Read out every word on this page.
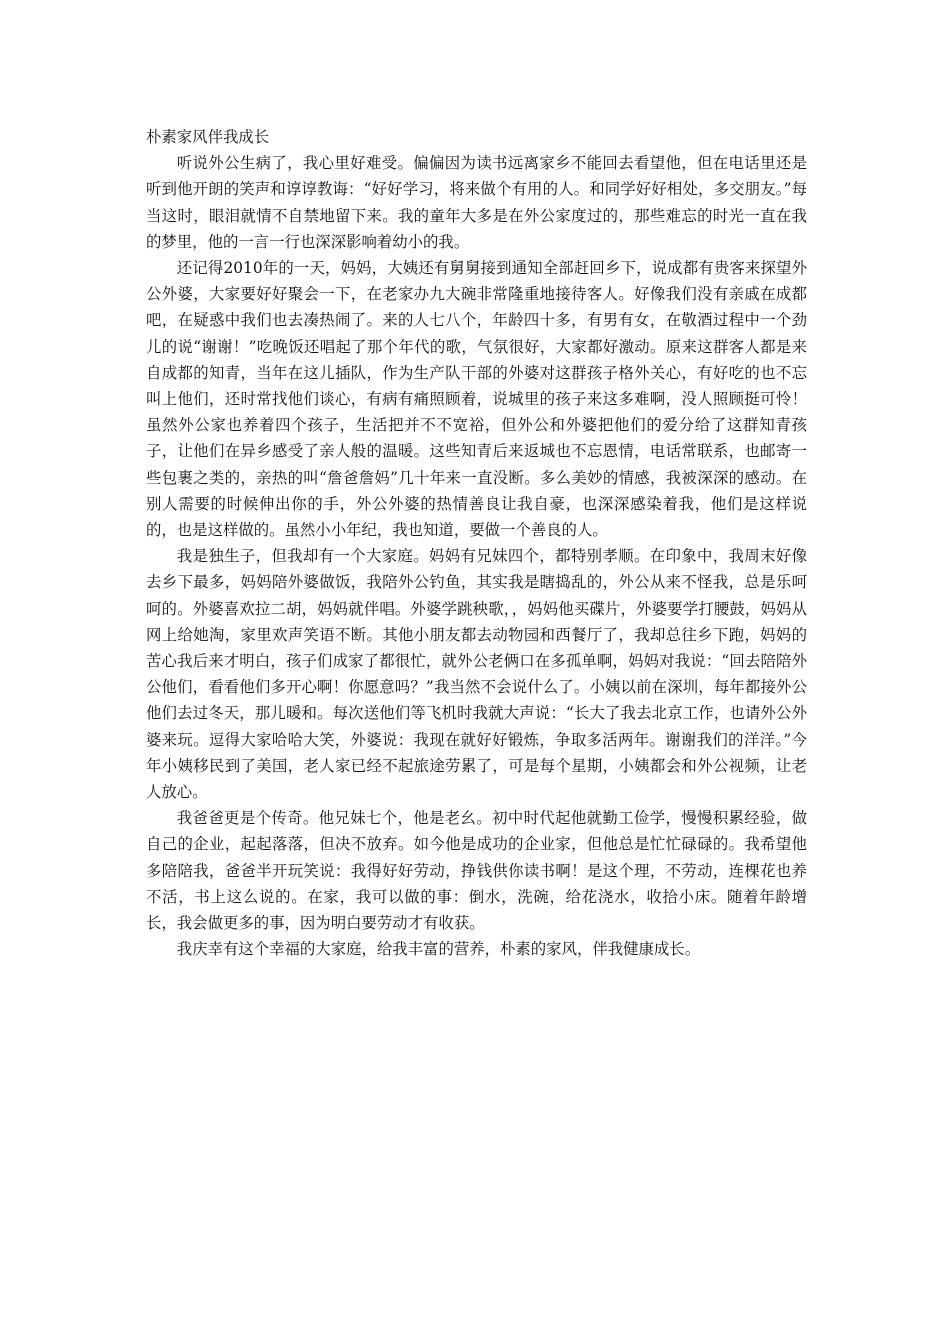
朴素家风伴我成长

听说外公生病了，我心里好难受。偏偏因为读书远离家乡不能回去看望他，但在电话里还是听到他开朗的笑声和谆谆教诲：“好好学习，将来做个有用的人。和同学好好相处，多交朋友。”每当这时，眼泪就情不自禁地留下来。我的童年大多是在外公家度过的，那些难忘的时光一直在我的梦里，他的一言一行也深深影响着幼小的我。

还记得2010年的一天，妈妈，大姨还有舅舅接到通知全部赶回乡下，说成都有贵客来探望外公外婆，大家要好好聚会一下，在老家办九大碗非常隆重地接待客人。好像我们没有亲戚在成都吧，在疑惑中我们也去凑热闹了。来的人七八个，年龄四十多，有男有女，在敬酒过程中一个劲儿的说“谢谢！”吃晚饭还唱起了那个年代的歌，气氛很好，大家都好激动。原来这群客人都是来自成都的知青，当年在这儿插队，作为生产队干部的外婆对这群孩子格外关心，有好吃的也不忘叫上他们，还时常找他们谈心，有病有痛照顾着，说城里的孩子来这多难啊，没人照顾挺可怜！虽然外公家也养着四个孩子，生活把并不不宽裕，但外公和外婆把他们的爱分给了这群知青孩子，让他们在异乡感受了亲人般的温暖。这些知青后来返城也不忘恩情，电话常联系，也邮寄一些包裹之类的，亲热的叫“詹爸詹妈”几十年来一直没断。多么美妙的情感，我被深深的感动。在别人需要的时候伸出你的手，外公外婆的热情善良让我自豪，也深深感染着我，他们是这样说的，也是这样做的。虽然小小年纪，我也知道，要做一个善良的人。

我是独生子，但我却有一个大家庭。妈妈有兄妹四个，都特别孝顺。在印象中，我周末好像去乡下最多，妈妈陪外婆做饭，我陪外公钓鱼，其实我是瞎捣乱的，外公从来不怪我，总是乐呵呵的。外婆喜欢拉二胡，妈妈就伴唱。外婆学跳秧歌，，妈妈他买碟片，外婆要学打腰鼓，妈妈从网上给她淘，家里欢声笑语不断。其他小朋友都去动物园和西餐厅了，我却总往乡下跑，妈妈的苦心我后来才明白，孩子们成家了都很忙，就外公老俩口在多孤单啊，妈妈对我说：“回去陪陪外公他们，看看他们多开心啊！你愿意吗？”我当然不会说什么了。小姨以前在深圳，每年都接外公他们去过冬天，那儿暖和。每次送他们等飞机时我就大声说：“长大了我去北京工作，也请外公外婆来玩。逗得大家哈哈大笑，外婆说：我现在就好好锻炼，争取多活两年。谢谢我们的洋洋。”今年小姨移民到了美国，老人家已经不起旅途劳累了，可是每个星期，小姨都会和外公视频，让老人放心。

我爸爸更是个传奇。他兄妹七个，他是老幺。初中时代起他就勤工俭学，慢慢积累经验，做自己的企业，起起落落，但决不放弃。如今他是成功的企业家，但他总是忙忙碌碌的。我希望他多陪陪我，爸爸半开玩笑说：我得好好劳动，挣钱供你读书啊！是这个理，不劳动，连棵花也养不活，书上这么说的。在家，我可以做的事：倒水，洗碗，给花浇水，收拾小床。随着年龄增长，我会做更多的事，因为明白要劳动才有收获。

我庆幸有这个幸福的大家庭，给我丰富的营养，朴素的家风，伴我健康成长。
